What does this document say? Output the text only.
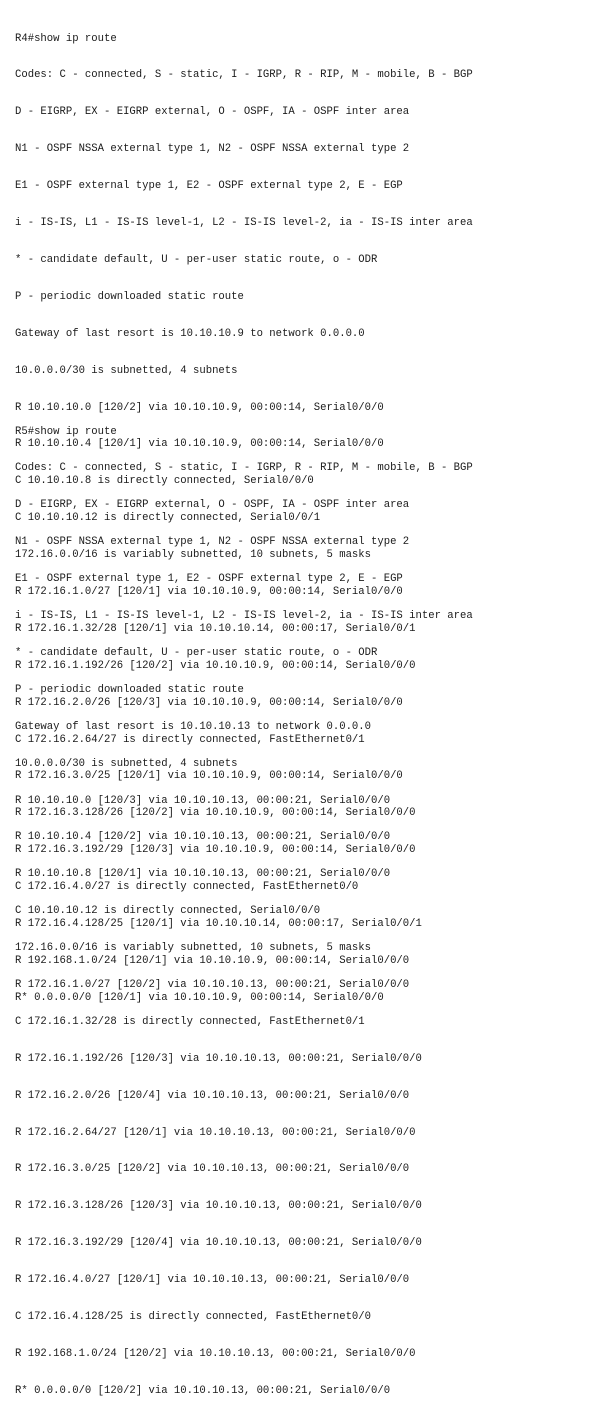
R4#show ip route

Codes: C - connected, S - static, I - IGRP, R - RIP, M - mobile, B - BGP

D - EIGRP, EX - EIGRP external, O - OSPF, IA - OSPF inter area

N1 - OSPF NSSA external type 1, N2 - OSPF NSSA external type 2

E1 - OSPF external type 1, E2 - OSPF external type 2, E - EGP

i - IS-IS, L1 - IS-IS level-1, L2 - IS-IS level-2, ia - IS-IS inter area

* - candidate default, U - per-user static route, o - ODR

P - periodic downloaded static route

Gateway of last resort is 10.10.10.9 to network 0.0.0.0

10.0.0.0/30 is subnetted, 4 subnets

R 10.10.10.0 [120/2] via 10.10.10.9, 00:00:14, Serial0/0/0

R 10.10.10.4 [120/1] via 10.10.10.9, 00:00:14, Serial0/0/0

C 10.10.10.8 is directly connected, Serial0/0/0

C 10.10.10.12 is directly connected, Serial0/0/1

172.16.0.0/16 is variably subnetted, 10 subnets, 5 masks

R 172.16.1.0/27 [120/1] via 10.10.10.9, 00:00:14, Serial0/0/0

R 172.16.1.32/28 [120/1] via 10.10.10.14, 00:00:17, Serial0/0/1

R 172.16.1.192/26 [120/2] via 10.10.10.9, 00:00:14, Serial0/0/0

R 172.16.2.0/26 [120/3] via 10.10.10.9, 00:00:14, Serial0/0/0

C 172.16.2.64/27 is directly connected, FastEthernet0/1

R 172.16.3.0/25 [120/1] via 10.10.10.9, 00:00:14, Serial0/0/0

R 172.16.3.128/26 [120/2] via 10.10.10.9, 00:00:14, Serial0/0/0

R 172.16.3.192/29 [120/3] via 10.10.10.9, 00:00:14, Serial0/0/0

C 172.16.4.0/27 is directly connected, FastEthernet0/0

R 172.16.4.128/25 [120/1] via 10.10.10.14, 00:00:17, Serial0/0/1

R 192.168.1.0/24 [120/1] via 10.10.10.9, 00:00:14, Serial0/0/0

R* 0.0.0.0/0 [120/1] via 10.10.10.9, 00:00:14, Serial0/0/0

R5#show ip route

Codes: C - connected, S - static, I - IGRP, R - RIP, M - mobile, B - BGP

D - EIGRP, EX - EIGRP external, O - OSPF, IA - OSPF inter area

N1 - OSPF NSSA external type 1, N2 - OSPF NSSA external type 2

E1 - OSPF external type 1, E2 - OSPF external type 2, E - EGP

i - IS-IS, L1 - IS-IS level-1, L2 - IS-IS level-2, ia - IS-IS inter area

* - candidate default, U - per-user static route, o - ODR

P - periodic downloaded static route

Gateway of last resort is 10.10.10.13 to network 0.0.0.0

10.0.0.0/30 is subnetted, 4 subnets

R 10.10.10.0 [120/3] via 10.10.10.13, 00:00:21, Serial0/0/0

R 10.10.10.4 [120/2] via 10.10.10.13, 00:00:21, Serial0/0/0

R 10.10.10.8 [120/1] via 10.10.10.13, 00:00:21, Serial0/0/0

C 10.10.10.12 is directly connected, Serial0/0/0

172.16.0.0/16 is variably subnetted, 10 subnets, 5 masks

R 172.16.1.0/27 [120/2] via 10.10.10.13, 00:00:21, Serial0/0/0

C 172.16.1.32/28 is directly connected, FastEthernet0/1

R 172.16.1.192/26 [120/3] via 10.10.10.13, 00:00:21, Serial0/0/0

R 172.16.2.0/26 [120/4] via 10.10.10.13, 00:00:21, Serial0/0/0

R 172.16.2.64/27 [120/1] via 10.10.10.13, 00:00:21, Serial0/0/0

R 172.16.3.0/25 [120/2] via 10.10.10.13, 00:00:21, Serial0/0/0

R 172.16.3.128/26 [120/3] via 10.10.10.13, 00:00:21, Serial0/0/0

R 172.16.3.192/29 [120/4] via 10.10.10.13, 00:00:21, Serial0/0/0

R 172.16.4.0/27 [120/1] via 10.10.10.13, 00:00:21, Serial0/0/0

C 172.16.4.128/25 is directly connected, FastEthernet0/0

R 192.168.1.0/24 [120/2] via 10.10.10.13, 00:00:21, Serial0/0/0

R* 0.0.0.0/0 [120/2] via 10.10.10.13, 00:00:21, Serial0/0/0
